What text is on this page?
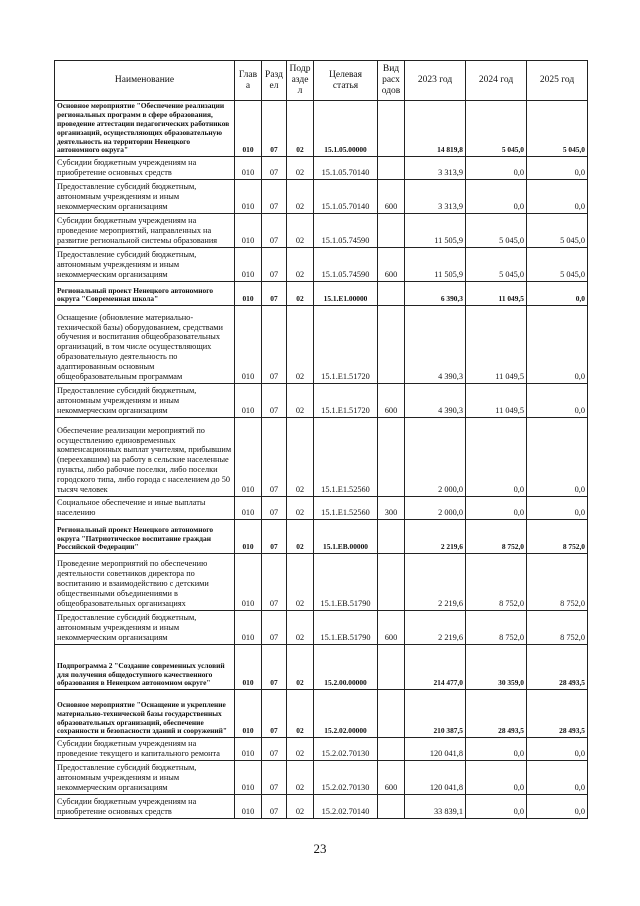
Наименование	Глав а	Разд ел	Подр азде л	Целевая статья	Вид расх одов	2023 год	2024 год	2025 год
Основное мероприятие "Обеспечение реализации региональных программ в сфере образования, проведение аттестации педагогических работников организаций, осуществляющих образовательную деятельность на территории Ненецкого автономного округа"	010	07	02	15.1.05.00000		14 819,8	5 045,0	5 045,0
Субсидии бюджетным учреждениям на приобретение основных средств	010	07	02	15.1.05.70140		3 313,9	0,0	0,0
Предоставление субсидий бюджетным, автономным учреждениям и иным некоммерческим организациям	010	07	02	15.1.05.70140	600	3 313,9	0,0	0,0
Субсидии бюджетным учреждениям на проведение мероприятий, направленных на развитие региональной системы образования	010	07	02	15.1.05.74590		11 505,9	5 045,0	5 045,0
Предоставление субсидий бюджетным, автономным учреждениям и иным некоммерческим организациям	010	07	02	15.1.05.74590	600	11 505,9	5 045,0	5 045,0
Региональный проект Ненецкого автономного округа "Современная школа"	010	07	02	15.1.Е1.00000		6 390,3	11 049,5	0,0
Оснащение (обновление материально-технической базы) оборудованием, средствами обучения и воспитания общеобразовательных организаций, в том числе осуществляющих образовательную деятельность по адаптированным основным общеобразовательным программам	010	07	02	15.1.Е1.51720		4 390,3	11 049,5	0,0
Предоставление субсидий бюджетным, автономным учреждениям и иным некоммерческим организациям	010	07	02	15.1.Е1.51720	600	4 390,3	11 049,5	0,0
Обеспечение реализации мероприятий по осуществлению единовременных компенсационных выплат учителям, прибывшим (переехавшим) на работу в сельские населенные пункты, либо рабочие поселки, либо поселки городского типа, либо города с населением до 50 тысяч человек	010	07	02	15.1.Е1.52560		2 000,0	0,0	0,0
Социальное обеспечение и иные выплаты населению	010	07	02	15.1.Е1.52560	300	2 000,0	0,0	0,0
Региональный проект Ненецкого автономного округа "Патриотическое воспитание граждан Российской Федерации"	010	07	02	15.1.ЕВ.00000		2 219,6	8 752,0	8 752,0
Проведение мероприятий по обеспечению деятельности советников директора по воспитанию и взаимодействию с детскими общественными объединениями в общеобразовательных организациях	010	07	02	15.1.ЕВ.51790		2 219,6	8 752,0	8 752,0
Предоставление субсидий бюджетным, автономным учреждениям и иным некоммерческим организациям	010	07	02	15.1.ЕВ.51790	600	2 219,6	8 752,0	8 752,0
Подпрограмма 2 "Создание современных условий для получения общедоступного качественного образования в Ненецком автономном округе"	010	07	02	15.2.00.00000		214 477,0	30 359,0	28 493,5
Основное мероприятие "Оснащение и укрепление материально-технической базы государственных образовательных организаций, обеспечение сохранности и безопасности зданий и сооружений"	010	07	02	15.2.02.00000		210 387,5	28 493,5	28 493,5
Субсидии бюджетным учреждениям на проведение текущего и капитального ремонта	010	07	02	15.2.02.70130		120 041,8	0,0	0,0
Предоставление субсидий бюджетным, автономным учреждениям и иным некоммерческим организациям	010	07	02	15.2.02.70130	600	120 041,8	0,0	0,0
Субсидии бюджетным учреждениям на приобретение основных средств	010	07	02	15.2.02.70140		33 839,1	0,0	0,0
23
